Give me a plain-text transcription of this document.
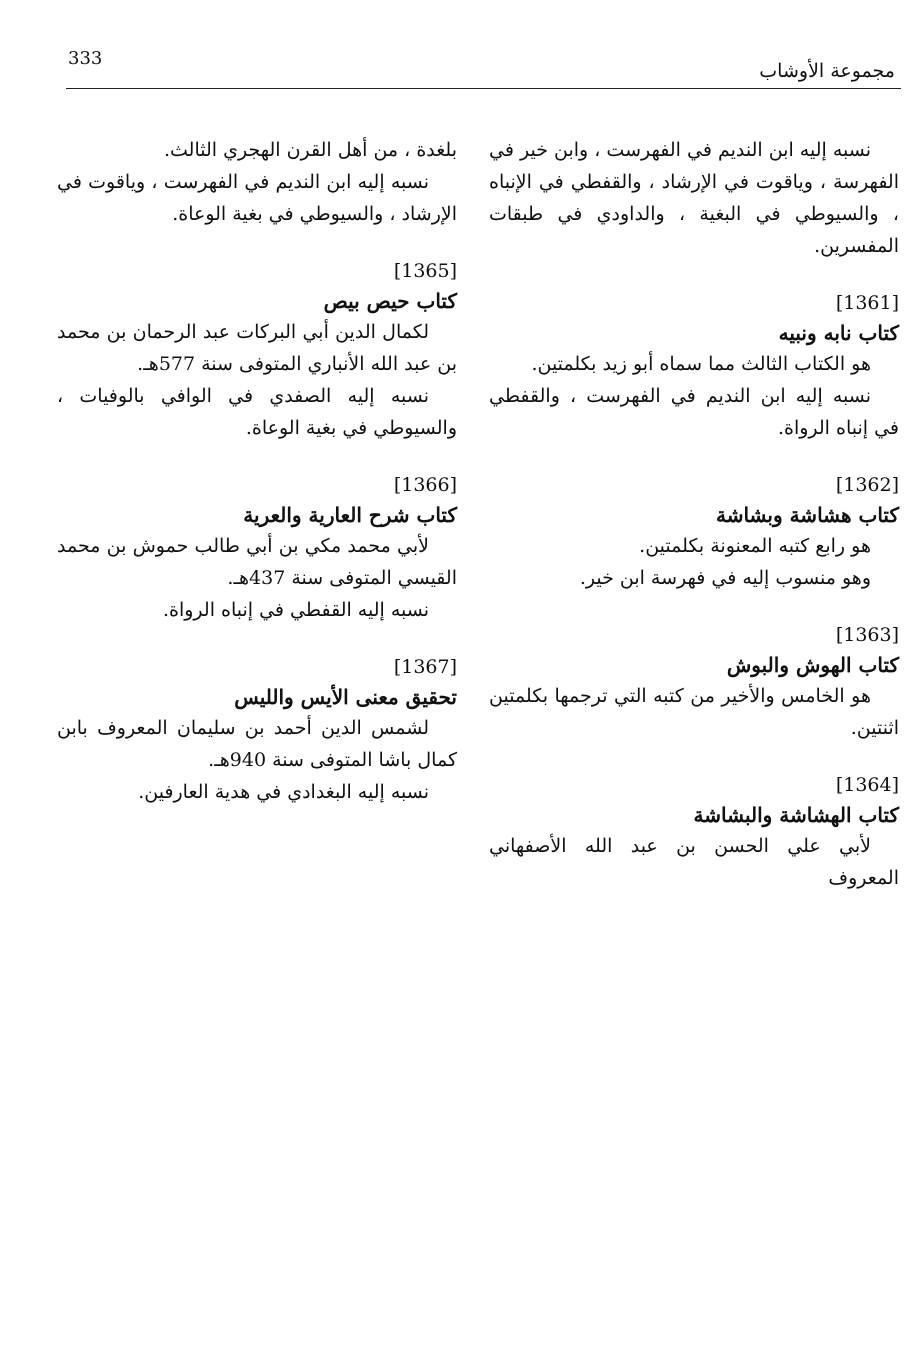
333
مجموعة الأوشاب

نسبه إليه ابن النديم في الفهرست ، وابن خير في الفهرسة ، وياقوت في الإرشاد ، والقفطي في الإنباه ، والسيوطي في البغية ، والداودي في طبقات المفسرين.

[1361]
كتاب نابه ونبيه

هو الكتاب الثالث مما سماه أبو زيد بكلمتين.

نسبه إليه ابن النديم في الفهرست ، والقفطي في إنباه الرواة.

[1362]
كتاب هشاشة وبشاشة

هو رابع كتبه المعنونة بكلمتين.

وهو منسوب إليه في فهرسة ابن خير.

[1363]
كتاب الهوش والبوش

هو الخامس والأخير من كتبه التي ترجمها بكلمتين اثنتين.

[1364]
كتاب الهشاشة والبشاشة

لأبي علي الحسن بن عبد الله الأصفهاني المعروف

بلغدة ، من أهل القرن الهجري الثالث.

نسبه إليه ابن النديم في الفهرست ، وياقوت في الإرشاد ، والسيوطي في بغية الوعاة.

[1365]
كتاب حيص بيص

لكمال الدين أبي البركات عبد الرحمان بن محمد بن عبد الله الأنباري المتوفى سنة 577هـ.

نسبه إليه الصفدي في الوافي بالوفيات ، والسيوطي في بغية الوعاة.

[1366]
كتاب شرح العارية والعرية

لأبي محمد مكي بن أبي طالب حموش بن محمد القيسي المتوفى سنة 437هـ.

نسبه إليه القفطي في إنباه الرواة.

[1367]
تحقيق معنى الأيس والليس

لشمس الدين أحمد بن سليمان المعروف بابن كمال باشا المتوفى سنة 940هـ.

نسبه إليه البغدادي في هدية العارفين.
